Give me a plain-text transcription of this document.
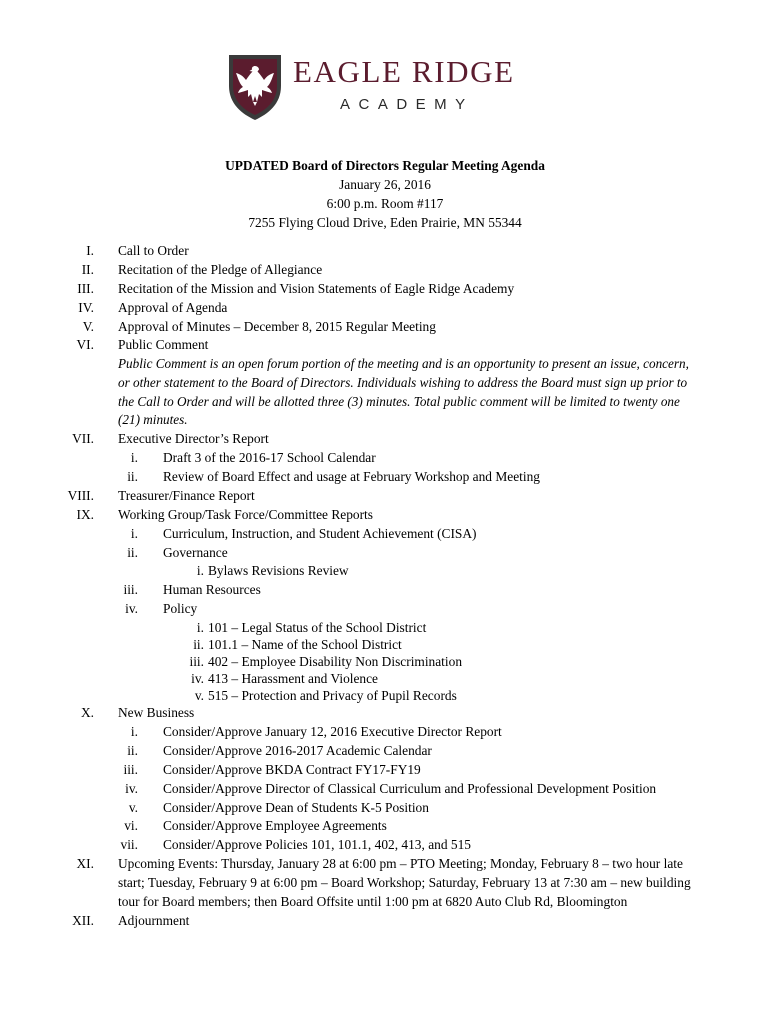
EAGLE RIDGE
ACADEMY
UPDATED Board of Directors Regular Meeting Agenda
January 26, 2016
6:00 p.m. Room #117
7255 Flying Cloud Drive, Eden Prairie, MN 55344
I. Call to Order
II. Recitation of the Pledge of Allegiance
III. Recitation of the Mission and Vision Statements of Eagle Ridge Academy
IV. Approval of Agenda
V. Approval of Minutes – December 8, 2015 Regular Meeting
VI. Public Comment
Public Comment is an open forum portion of the meeting and is an opportunity to present an issue, concern, or other statement to the Board of Directors. Individuals wishing to address the Board must sign up prior to the Call to Order and will be allotted three (3) minutes. Total public comment will be limited to twenty one (21) minutes.
VII. Executive Director’s Report
i. Draft 3 of the 2016-17 School Calendar
ii. Review of Board Effect and usage at February Workshop and Meeting
VIII. Treasurer/Finance Report
IX. Working Group/Task Force/Committee Reports
i. Curriculum, Instruction, and Student Achievement (CISA)
ii. Governance
i. Bylaws Revisions Review
iii. Human Resources
iv. Policy
i. 101 – Legal Status of the School District
ii. 101.1 – Name of the School District
iii. 402 – Employee Disability Non Discrimination
iv. 413 – Harassment and Violence
v. 515 – Protection and Privacy of Pupil Records
X. New Business
i. Consider/Approve January 12, 2016 Executive Director Report
ii. Consider/Approve 2016-2017 Academic Calendar
iii. Consider/Approve BKDA Contract FY17-FY19
iv. Consider/Approve Director of Classical Curriculum and Professional Development Position
v. Consider/Approve Dean of Students K-5 Position
vi. Consider/Approve Employee Agreements
vii. Consider/Approve Policies 101, 101.1, 402, 413, and 515
XI. Upcoming Events: Thursday, January 28 at 6:00 pm – PTO Meeting; Monday, February 8 – two hour late start; Tuesday, February 9 at 6:00 pm – Board Workshop; Saturday, February 13 at 7:30 am – new building tour for Board members; then Board Offsite until 1:00 pm at 6820 Auto Club Rd, Bloomington
XII. Adjournment
